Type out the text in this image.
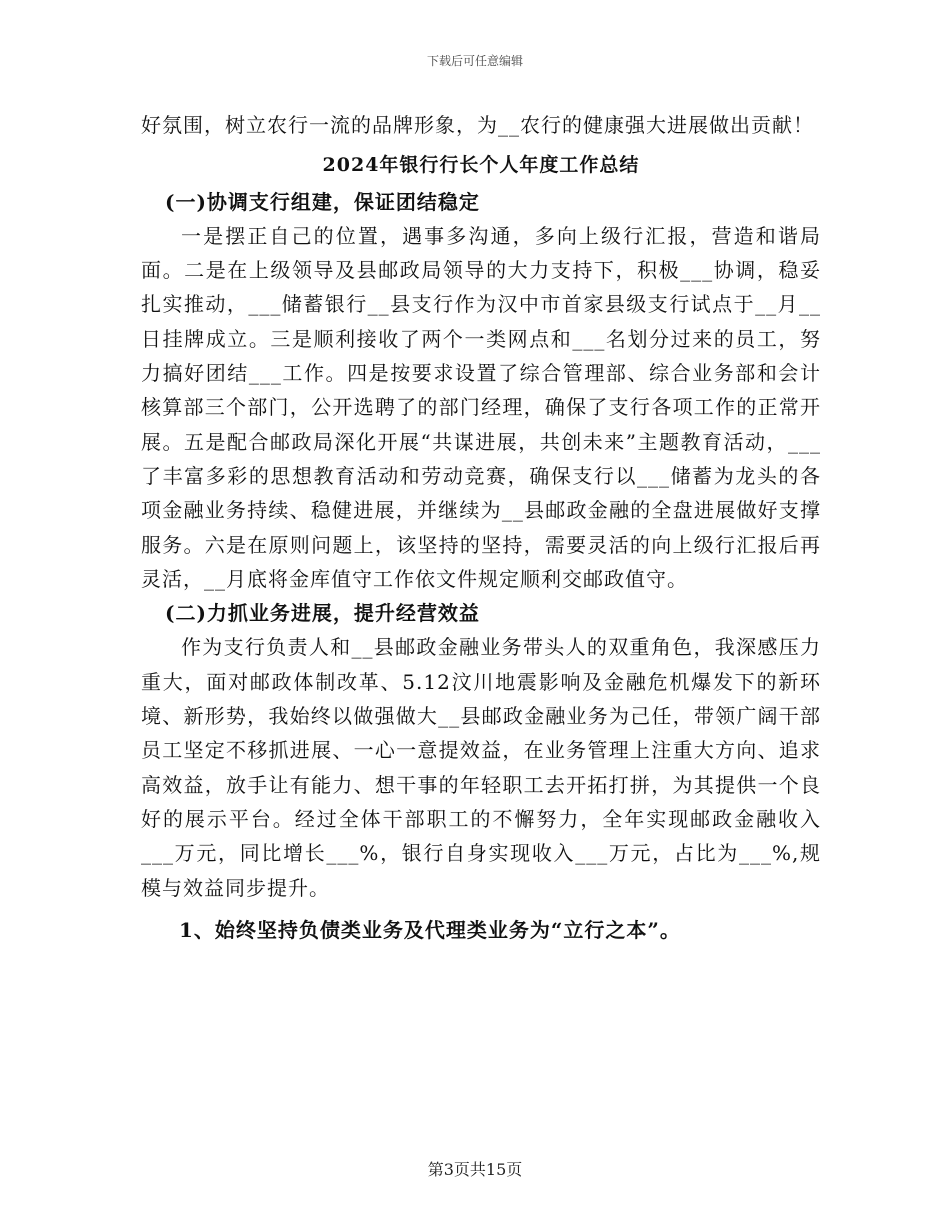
下载后可任意编辑

好氛围，树立农行一流的品牌形象，为__农行的健康强大进展做出贡献！

2024年银行行长个人年度工作总结

(一)协调支行组建，保证团结稳定

一是摆正自己的位置，遇事多沟通，多向上级行汇报，营造和谐局面。二是在上级领导及县邮政局领导的大力支持下，积极___协调，稳妥扎实推动，___储蓄银行__县支行作为汉中市首家县级支行试点于__月__日挂牌成立。三是顺利接收了两个一类网点和___名划分过来的员工，努力搞好团结___工作。四是按要求设置了综合管理部、综合业务部和会计核算部三个部门，公开选聘了的部门经理，确保了支行各项工作的正常开展。五是配合邮政局深化开展“共谋进展，共创未来”主题教育活动，___了丰富多彩的思想教育活动和劳动竞赛，确保支行以___储蓄为龙头的各项金融业务持续、稳健进展，并继续为__县邮政金融的全盘进展做好支撑服务。六是在原则问题上，该坚持的坚持，需要灵活的向上级行汇报后再灵活，__月底将金库值守工作依文件规定顺利交邮政值守。

(二)力抓业务进展，提升经营效益

作为支行负责人和__县邮政金融业务带头人的双重角色，我深感压力重大，面对邮政体制改革、5.12汶川地震影响及金融危机爆发下的新环境、新形势，我始终以做强做大__县邮政金融业务为己任，带领广阔干部员工坚定不移抓进展、一心一意提效益，在业务管理上注重大方向、追求高效益，放手让有能力、想干事的年轻职工去开拓打拼，为其提供一个良好的展示平台。经过全体干部职工的不懈努力，全年实现邮政金融收入___万元，同比增长___%，银行自身实现收入___万元，占比为___%,规模与效益同步提升。

1、始终坚持负债类业务及代理类业务为“立行之本”。

第3页共15页
